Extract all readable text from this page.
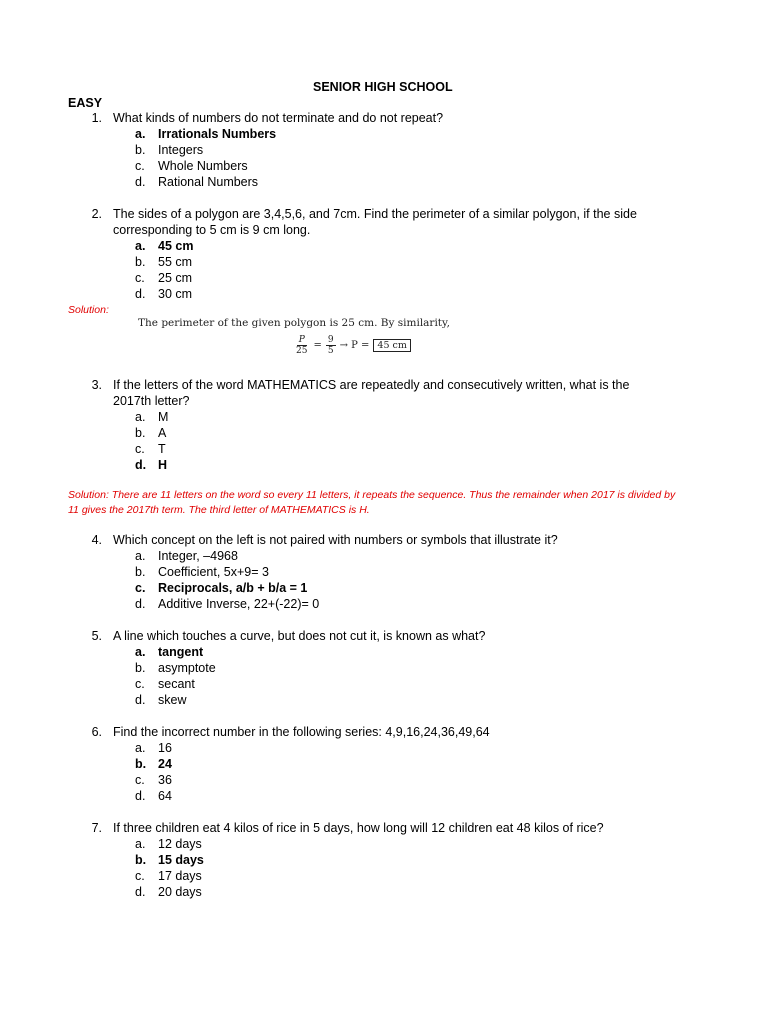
SENIOR HIGH SCHOOL
EASY
1. What kinds of numbers do not terminate and do not repeat?
a. Irrationals Numbers
b. Integers
c. Whole Numbers
d. Rational Numbers
2. The sides of a polygon are 3,4,5,6, and 7cm. Find the perimeter of a similar polygon, if the side
corresponding to 5 cm is 9 cm long.
a. 45 cm
b. 55 cm
c. 25 cm
d. 30 cm
3. If the letters of the word MATHEMATICS are repeatedly and consecutively written, what is the
2017th letter?
a. M
b. A
c. T
d. H
4. Which concept on the left is not paired with numbers or symbols that illustrate it?
a. Integer, –4968
b. Coefficient, 5x+9= 3
c. Reciprocals, a/b + b/a = 1
d. Additive Inverse, 22+(-22)= 0
5. A line which touches a curve, but does not cut it, is known as what?
a. tangent
b. asymptote
c. secant
d. skew
6. Find the incorrect number in the following series: 4,9,16,24,36,49,64
a. 16
b. 24
c. 36
d. 64
7. If three children eat 4 kilos of rice in 5 days, how long will 12 children eat 48 kilos of rice?
a. 12 days
b. 15 days
c. 17 days
d. 20 days
Solution:
The perimeter of the given polygon is 25 cm. By similarity,
$\frac{P}{25} = \frac{9}{5} \to P = 45$ cm
Solution: There are 11 letters on the word so every 11 letters, it repeats the sequence. Thus the remainder when 2017 is divided by 11 gives the 2017th term. The third letter of MATHEMATICS is H.
